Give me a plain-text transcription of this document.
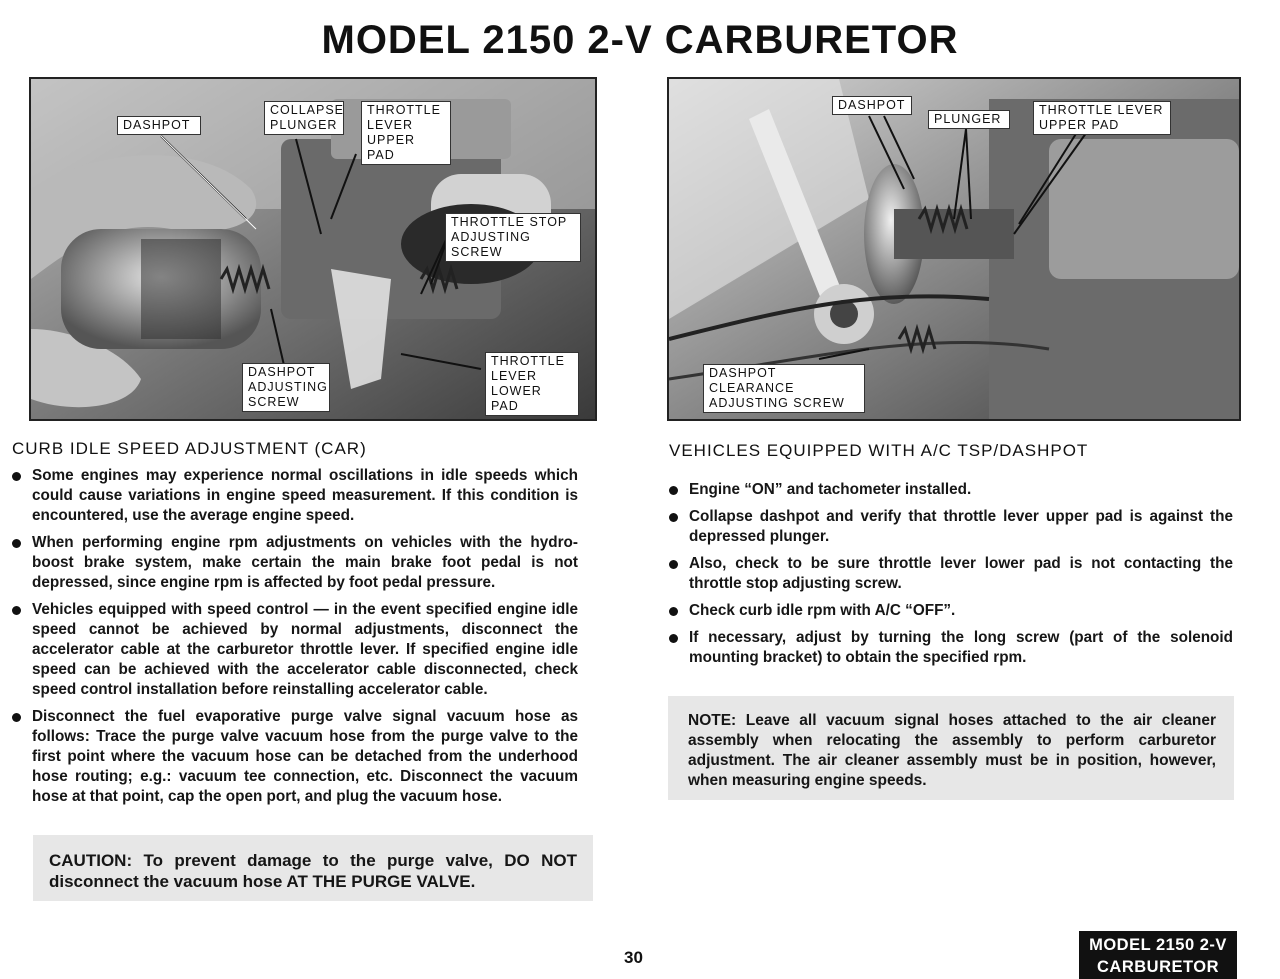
MODEL 2150 2-V CARBURETOR
DASHPOT
COLLAPSE
PLUNGER
THROTTLE
LEVER
UPPER PAD
THROTTLE STOP
ADJUSTING SCREW
DASHPOT
ADJUSTING
SCREW
THROTTLE
LEVER
LOWER PAD
DASHPOT
PLUNGER
THROTTLE LEVER
UPPER PAD
DASHPOT CLEARANCE
ADJUSTING SCREW
CURB IDLE SPEED ADJUSTMENT (CAR)
Some engines may experience normal oscillations in idle speeds which could cause variations in engine speed measurement. If this condition is encountered, use the average engine speed.
When performing engine rpm adjustments on vehicles with the hydro-boost brake system, make certain the main brake foot pedal is not depressed, since engine rpm is affected by foot pedal pressure.
Vehicles equipped with speed control — in the event specified engine idle speed cannot be achieved by normal adjustments, disconnect the accelerator cable at the carburetor throttle lever. If specified engine idle speed can be achieved with the accelerator cable disconnected, check speed control installation before reinstalling accelerator cable.
Disconnect the fuel evaporative purge valve signal vacuum hose as follows: Trace the purge valve vacuum hose from the purge valve to the first point where the vacuum hose can be detached from the underhood hose routing; e.g.: vacuum tee connection, etc. Disconnect the vacuum hose at that point, cap the open port, and plug the vacuum hose.
CAUTION: To prevent damage to the purge valve, DO NOT disconnect the vacuum hose AT THE PURGE VALVE.
VEHICLES EQUIPPED WITH A/C TSP/DASHPOT
Engine “ON” and tachometer installed.
Collapse dashpot and verify that throttle lever upper pad is against the depressed plunger.
Also, check to be sure throttle lever lower pad is not contacting the throttle stop adjusting screw.
Check curb idle rpm with A/C “OFF”.
If necessary, adjust by turning the long screw (part of the solenoid mounting bracket) to obtain the specified rpm.
NOTE: Leave all vacuum signal hoses attached to the air cleaner assembly when relocating the assembly to perform carburetor adjustment. The air cleaner assembly must be in position, however, when measuring engine speeds.
30
MODEL 2150 2-V
CARBURETOR
